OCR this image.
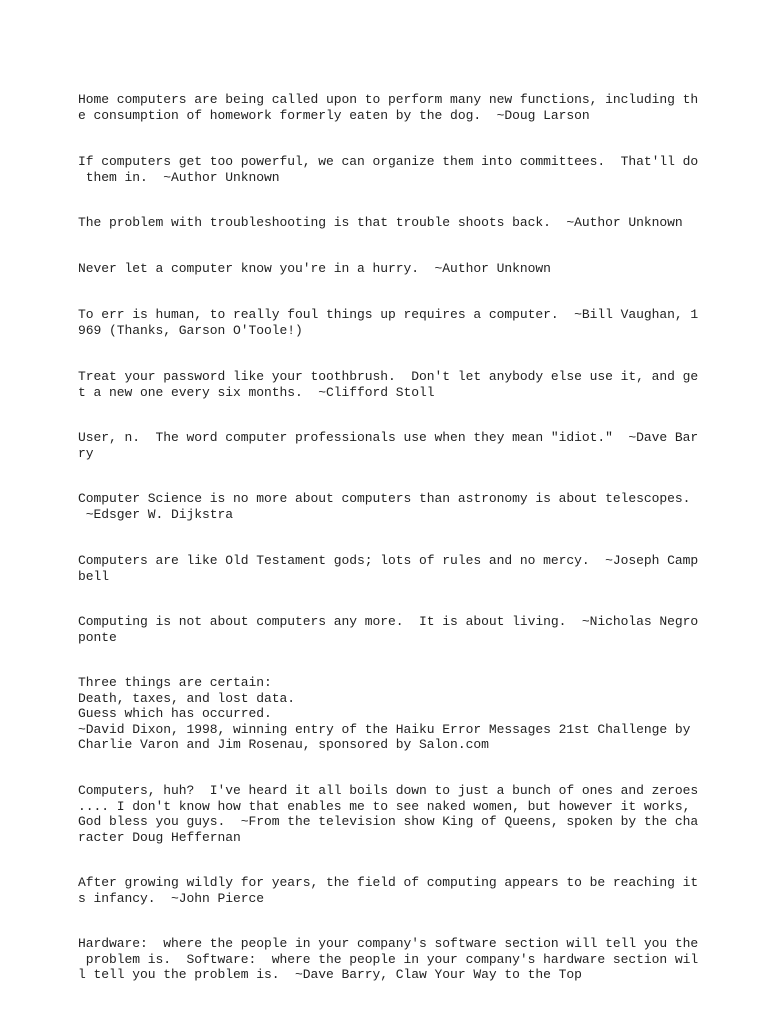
Home computers are being called upon to perform many new functions, including th
e consumption of homework formerly eaten by the dog.  ~Doug Larson

If computers get too powerful, we can organize them into committees.  That'll do
them in.  ~Author Unknown

The problem with troubleshooting is that trouble shoots back.  ~Author Unknown

Never let a computer know you're in a hurry.  ~Author Unknown

To err is human, to really foul things up requires a computer.  ~Bill Vaughan, 1
969 (Thanks, Garson O'Toole!)

Treat your password like your toothbrush.  Don't let anybody else use it, and ge
t a new one every six months.  ~Clifford Stoll

User, n.  The word computer professionals use when they mean "idiot."  ~Dave Bar
ry

Computer Science is no more about computers than astronomy is about telescopes.
~Edsger W. Dijkstra

Computers are like Old Testament gods; lots of rules and no mercy.  ~Joseph Camp
bell

Computing is not about computers any more.  It is about living.  ~Nicholas Negro
ponte

Three things are certain:
Death, taxes, and lost data.
Guess which has occurred.
~David Dixon, 1998, winning entry of the Haiku Error Messages 21st Challenge by
Charlie Varon and Jim Rosenau, sponsored by Salon.com

Computers, huh?  I've heard it all boils down to just a bunch of ones and zeroes
.... I don't know how that enables me to see naked women, but however it works,
God bless you guys.  ~From the television show King of Queens, spoken by the cha
racter Doug Heffernan

After growing wildly for years, the field of computing appears to be reaching it
s infancy.  ~John Pierce

Hardware:  where the people in your company's software section will tell you the
problem is.  Software:  where the people in your company's hardware section wil
l tell you the problem is.  ~Dave Barry, Claw Your Way to the Top
